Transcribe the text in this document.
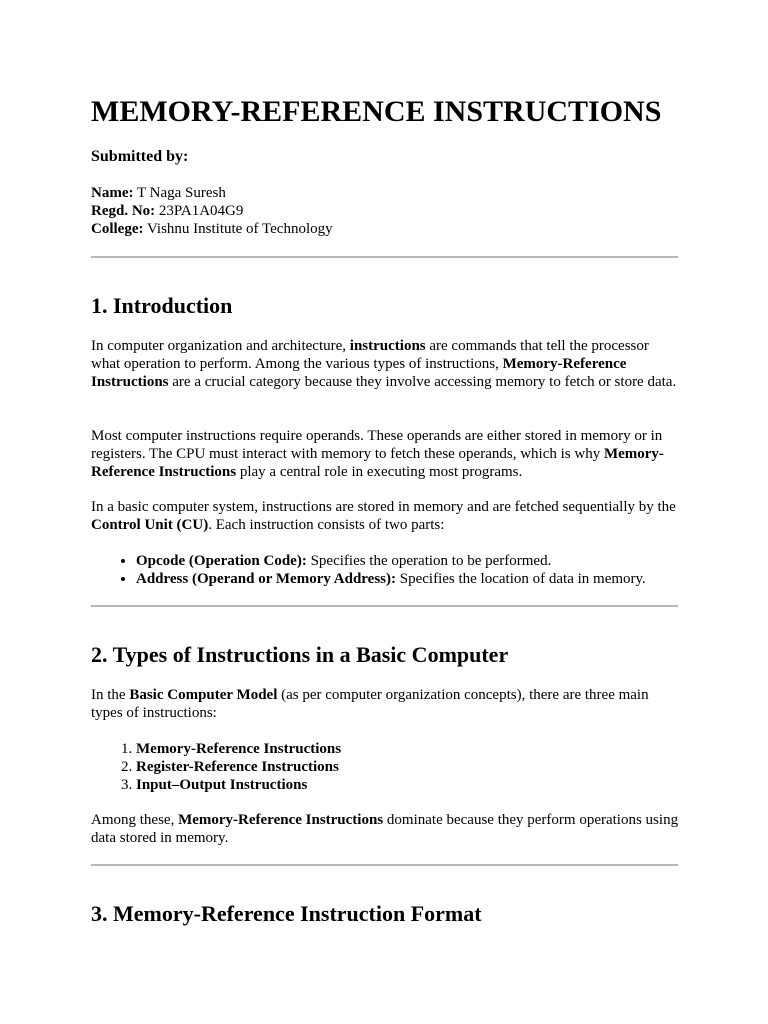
MEMORY-REFERENCE INSTRUCTIONS

Submitted by:

Name: T Naga Suresh
Regd. No: 23PA1A04G9
College: Vishnu Institute of Technology
1. Introduction

In computer organization and architecture, instructions are commands that tell the processor what operation to perform. Among the various types of instructions, Memory-Reference Instructions are a crucial category because they involve accessing memory to fetch or store data.

Most computer instructions require operands. These operands are either stored in memory or in registers. The CPU must interact with memory to fetch these operands, which is why Memory-Reference Instructions play a central role in executing most programs.

In a basic computer system, instructions are stored in memory and are fetched sequentially by the Control Unit (CU). Each instruction consists of two parts:

• Opcode (Operation Code): Specifies the operation to be performed.
• Address (Operand or Memory Address): Specifies the location of data in memory.
2. Types of Instructions in a Basic Computer

In the Basic Computer Model (as per computer organization concepts), there are three main types of instructions:

1. Memory-Reference Instructions
2. Register-Reference Instructions
3. Input–Output Instructions

Among these, Memory-Reference Instructions dominate because they perform operations using data stored in memory.

3. Memory-Reference Instruction Format
